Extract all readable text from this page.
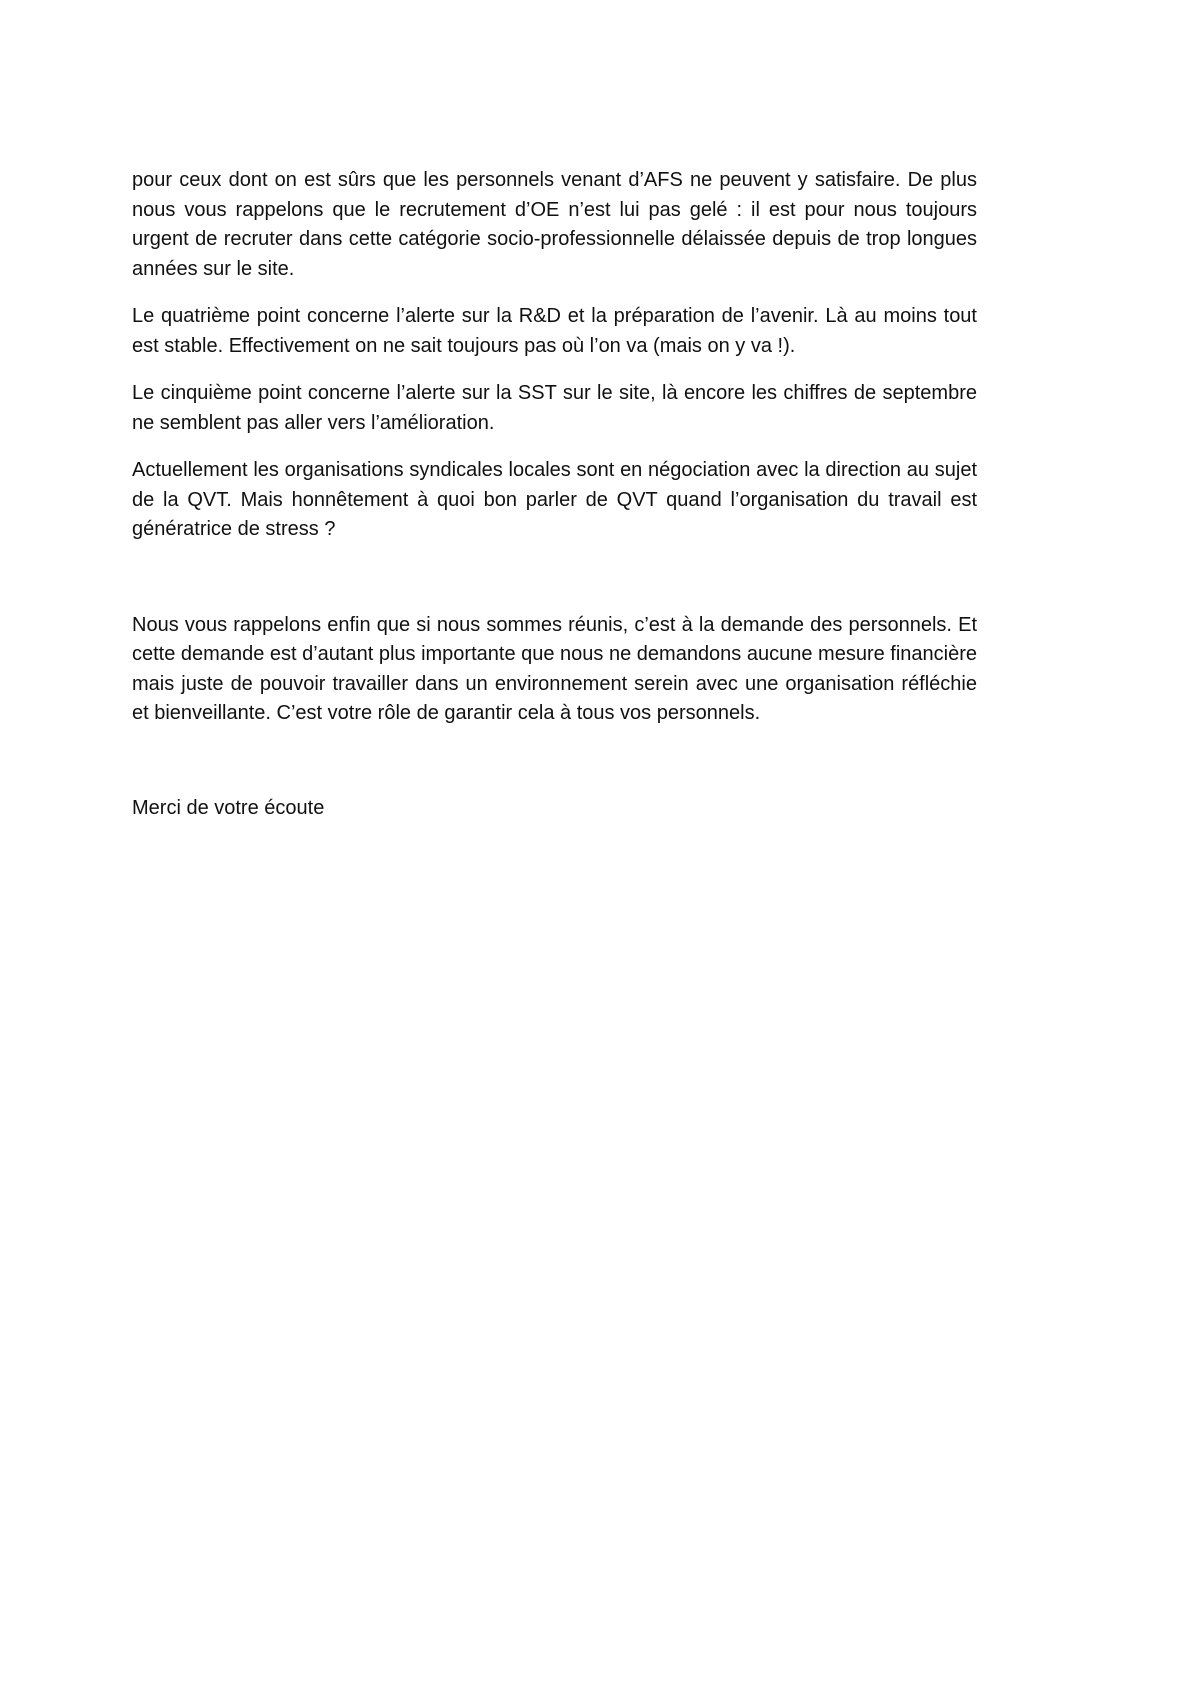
pour ceux dont on est sûrs que les personnels venant d’AFS ne peuvent y satisfaire. De plus nous vous rappelons que le recrutement d’OE n’est lui pas gelé : il est pour nous toujours urgent de recruter dans cette catégorie socio-professionnelle délaissée depuis de trop longues années sur le site.

Le quatrième point concerne l’alerte sur la R&D et la préparation de l’avenir. Là au moins tout est stable. Effectivement on ne sait toujours pas où l’on va (mais on y va !).

Le cinquième point concerne l’alerte sur la SST sur le site, là encore les chiffres de septembre ne semblent pas aller vers l’amélioration.

Actuellement les organisations syndicales locales sont en négociation avec la direction au sujet de la QVT. Mais honnêtement à quoi bon parler de QVT quand l’organisation du travail est génératrice de stress ?

Nous vous rappelons enfin que si nous sommes réunis, c’est à la demande des personnels. Et cette demande est d’autant plus importante que nous ne demandons aucune mesure financière mais juste de pouvoir travailler dans un environnement serein avec une organisation réfléchie et bienveillante. C’est votre rôle de garantir cela à tous vos personnels.

Merci de votre écoute
